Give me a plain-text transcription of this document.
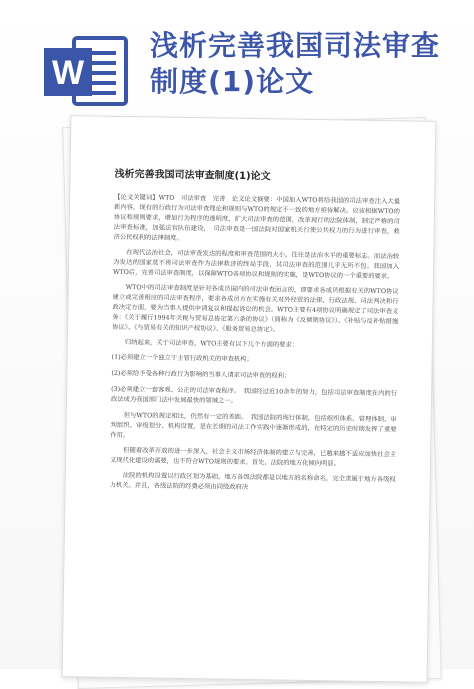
W
浅析完善我国司法审查
制度(1)论文
浅析完善我国司法审查制度(1)论文

【论文关键词】WTO　司法审查　完善　论文论文摘要：中国加入WTO将给我国的司法审查注入大量新内容，现有的行政行为司法审查理论和规则与WTO的规定不一致的地方亟待解决。应该根据WTO的协议和规则要求，增加行为程序的透明度，扩大司法审查的范围，改革现行的法院体制，制定严格的司法审查标准，加强法官队伍建设，　司法审查是一国法院对国家机关行使公共权力的行为进行审查，救济公民权利的法律制度。

在现代法治社会，司法审查发达的程度和审查范围的大小，往往是法治水平的重要标志。而法治较为发达的国家莫不将司法审查作为法律救济的终局手段，其司法审查的范围几乎无所不包。我国加入WTO后，完善司法审查制度，以保障WTO各项协议和规则的实施，是WTO协议的一个重要的要求。

WTO中的司法审查制度是针对各成员国内的司法审查而言的，即要求各成员根据有关的WTO协议建立或完善相应的司法审查程序，要求各成员方在实施有关对外经贸的法律、行政法规、司法判决和行政决定方面，要为当事人提供申请复议和提起诉讼的机会。WTO主要有4项协议明确规定了司法审查义务：《关于履行1994年关税与贸易总协定第六条的协议》（简称为《反倾销协议》）、《补贴与反补贴措施协议》、《与贸易有关的知识产权协议》、《服务贸易总协定》。

归纳起来，关于司法审查，WTO主要有以下几个方面的要求：

(1)必须建立一个独立于主管行政机关的审查机构；

(2)必须给予受各种行政行为影响的当事人请求司法审查的权利；

(3)必须建立一套客观、公正的司法审查程序。　我国经过近10余年的努力，包括司法审查制度在内的行政法成为我国部门法中发展最快的领域之一。

但与WTO的规定相比，仍然有一定的差距。　我国法院的现行体制，包括组织体系、管理体制、审判组织、审级划分、机构设置，是在长期的司法工作实践中逐渐形成的，在特定的历史时期发挥了重要作用。

但随着改革开放的进一步深入，社会主义市场经济体制的建立与完善，已越来越不适应加快社会主义现代化建设的需要，也不符合WTO规则的要求。首先，法院的地方化倾向明显。

法院的机构设置以行政区划为基础，地方各级法院都是以地方的名称命名，完全隶属于地方各级权力机关。并且，各级法院的经费必须由同级政府决
